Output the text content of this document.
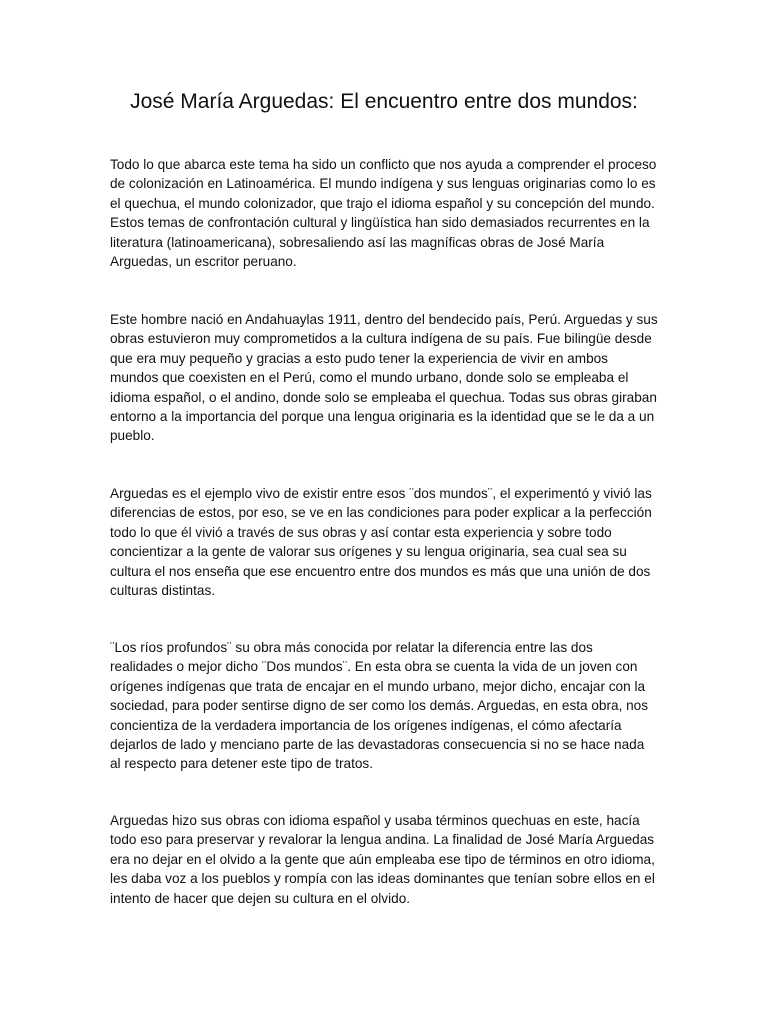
José María Arguedas: El encuentro entre dos mundos:

Todo lo que abarca este tema ha sido un conflicto que nos ayuda a comprender el proceso de colonización en Latinoamérica. El mundo indígena y sus lenguas originarias como lo es el quechua, el mundo colonizador, que trajo el idioma español y su concepción del mundo. Estos temas de confrontación cultural y lingüística han sido demasiados recurrentes en la literatura (latinoamericana), sobresaliendo así las magníficas obras de José María Arguedas, un escritor peruano.

Este hombre nació en Andahuaylas 1911, dentro del bendecido país, Perú. Arguedas y sus obras estuvieron muy comprometidos a la cultura indígena de su país. Fue bilingüe desde que era muy pequeño y gracias a esto pudo tener la experiencia de vivir en ambos mundos que coexisten en el Perú, como el mundo urbano, donde solo se empleaba el idioma español, o el andino, donde solo se empleaba el quechua. Todas sus obras giraban entorno a la importancia del porque una lengua originaria es la identidad que se le da a un pueblo.

Arguedas es el ejemplo vivo de existir entre esos ¨dos mundos¨, el experimentó y vivió las diferencias de estos, por eso, se ve en las condiciones para poder explicar a la perfección todo lo que él vivió a través de sus obras y así contar esta experiencia y sobre todo concientizar a la gente de valorar sus orígenes y su lengua originaria, sea cual sea su cultura el nos enseña que ese encuentro entre dos mundos es más que una unión de dos culturas distintas.

¨Los ríos profundos¨ su obra más conocida por relatar la diferencia entre las dos realidades o mejor dicho ¨Dos mundos¨. En esta obra se cuenta la vida de un joven con orígenes indígenas que trata de encajar en el mundo urbano, mejor dicho, encajar con la sociedad, para poder sentirse digno de ser como los demás. Arguedas, en esta obra, nos concientiza de la verdadera importancia de los orígenes indígenas, el cómo afectaría dejarlos de lado y menciano parte de las devastadoras consecuencia si no se hace nada al respecto para detener este tipo de tratos.

Arguedas hizo sus obras con idioma español y usaba términos quechuas en este, hacía todo eso para preservar y revalorar la lengua andina. La finalidad de José María Arguedas era no dejar en el olvido a la gente que aún empleaba ese tipo de términos en otro idioma, les daba voz a los pueblos y rompía con las ideas dominantes que tenían sobre ellos en el intento de hacer que dejen su cultura en el olvido.
